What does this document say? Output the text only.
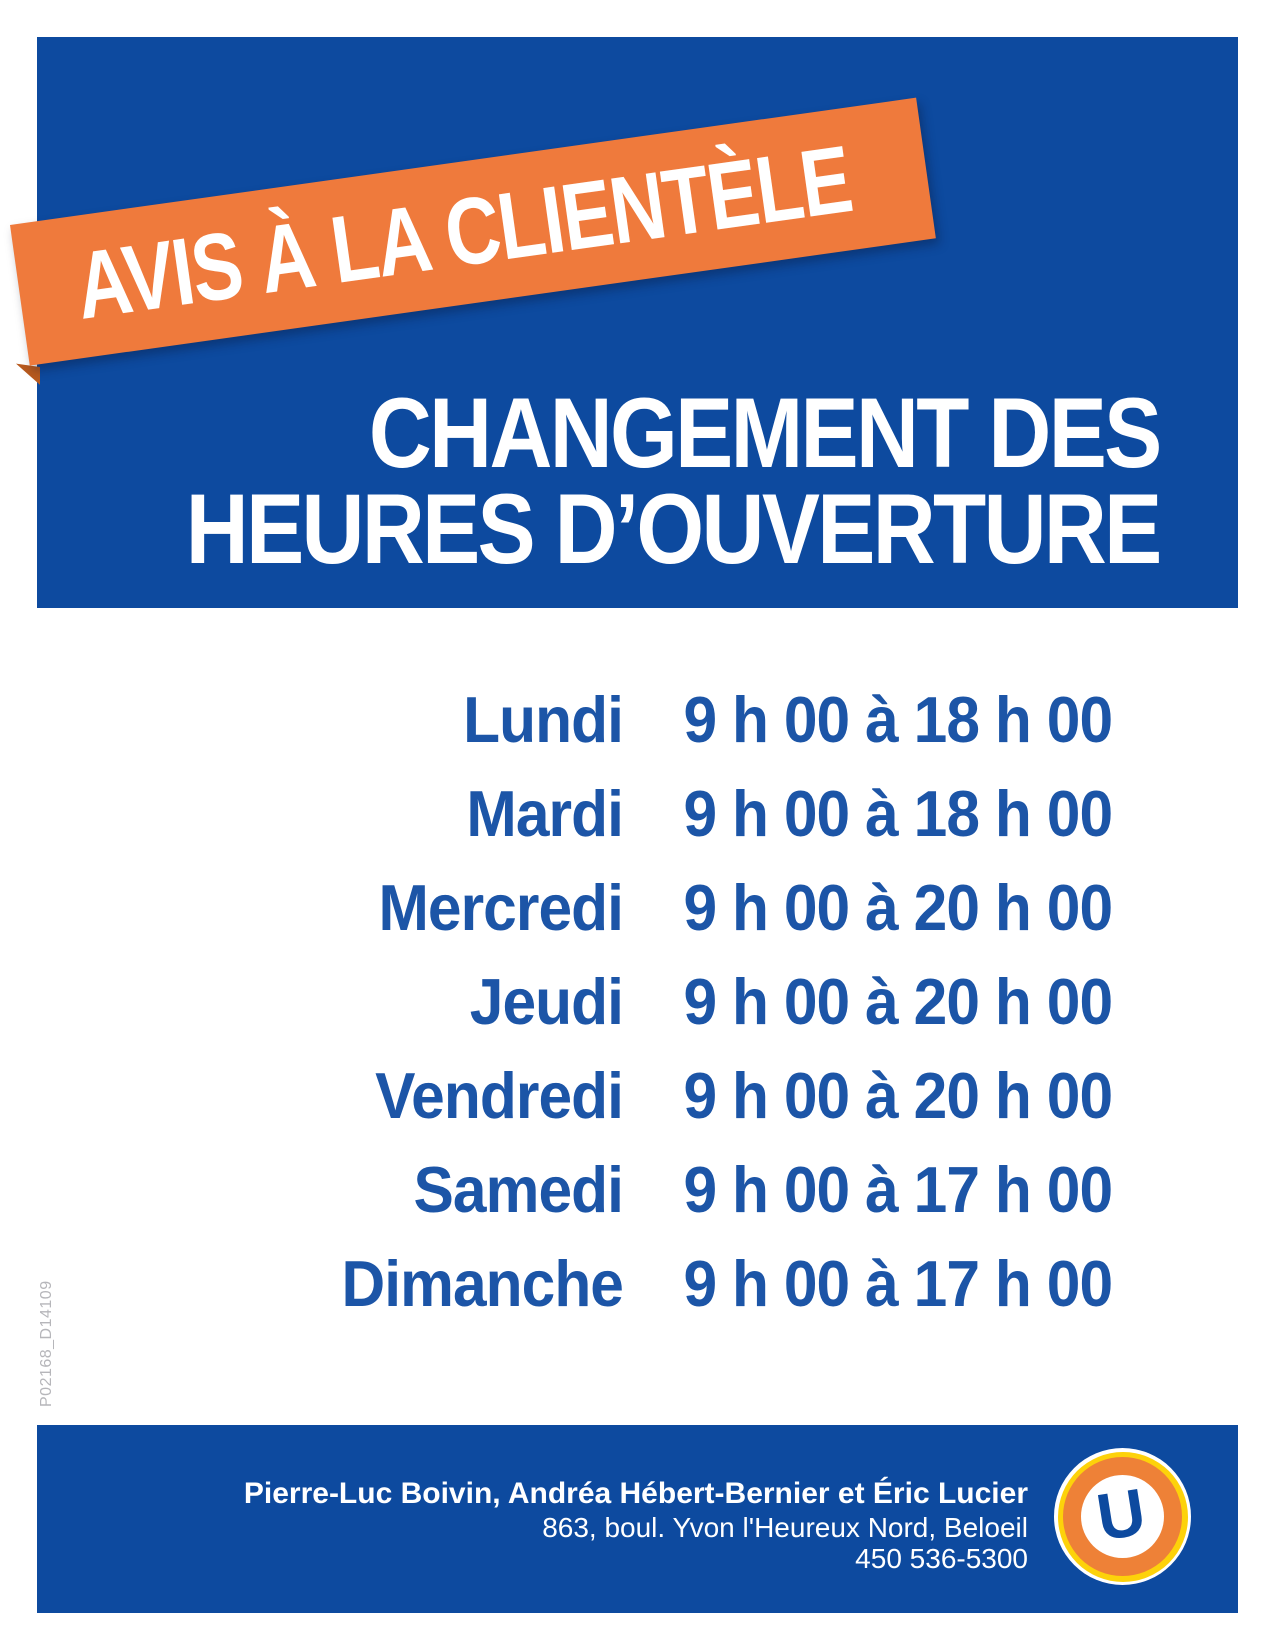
AVIS À LA CLIENTÈLE
CHANGEMENT DES
HEURES D’OUVERTURE
Lundi 9 h 00 à 18 h 00
Mardi 9 h 00 à 18 h 00
Mercredi 9 h 00 à 20 h 00
Jeudi 9 h 00 à 20 h 00
Vendredi 9 h 00 à 20 h 00
Samedi 9 h 00 à 17 h 00
Dimanche 9 h 00 à 17 h 00
P02168_D14109
Pierre-Luc Boivin, Andréa Hébert-Bernier et Éric Lucier
863, boul. Yvon l'Heureux Nord, Beloeil
450 536-5300
U
